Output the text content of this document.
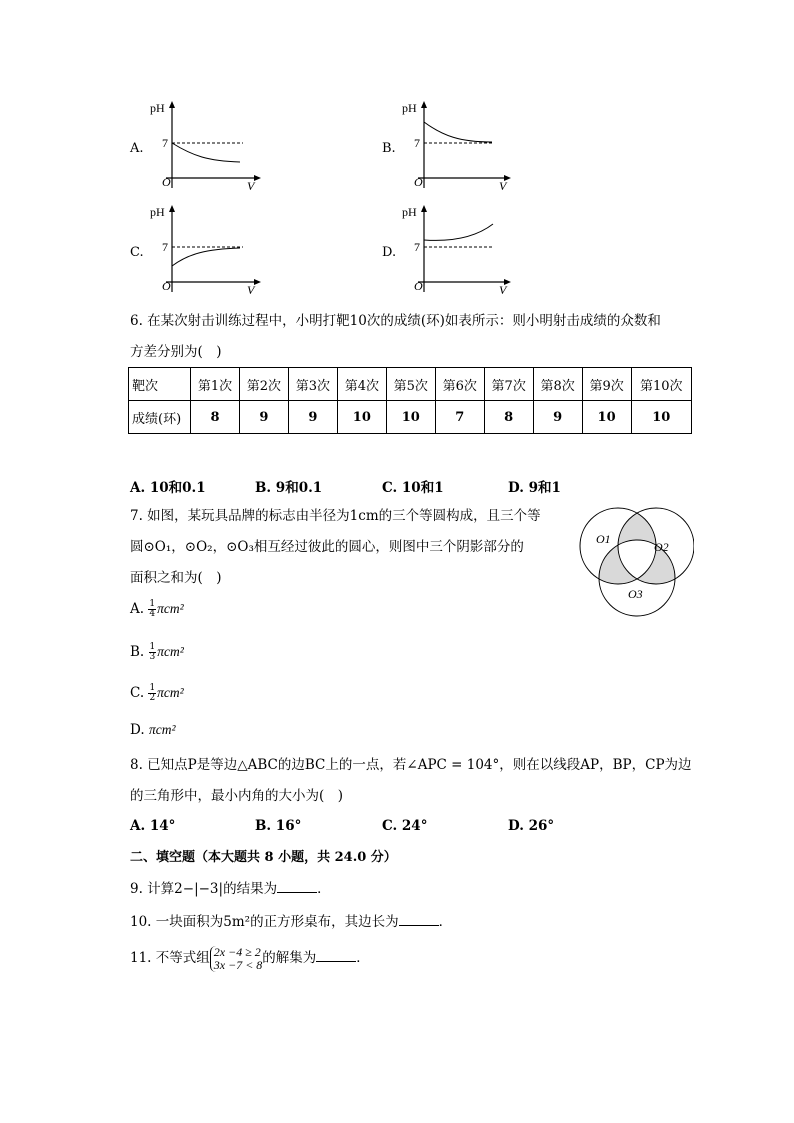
A.
pH
7
O	V
B.
pH
7
O	V
C.
pH
7
O	V
D.
pH
7
O	V
6. 在某次射击训练过程中，小明打靶10次的成绩(环)如表所示：则小明射击成绩的众数和
方差分别为(　)
靶次	第1次	第2次	第3次	第4次	第5次	第6次	第7次	第8次	第9次	第10次
成绩(环)	8	9	9	10	10	7	8	9	10	10
A. 10和0.1	B. 9和0.1	C. 10和1	D. 9和1
7. 如图，某玩具品牌的标志由半径为1cm的三个等圆构成，且三个等
圆⊙O₁，⊙O₂，⊙O₃相互经过彼此的圆心，则图中三个阴影部分的
面积之和为(　)
O1
O2
O3
A. $\frac{1}{4} \pi cm^2$
B. $\frac{1}{3} \pi cm^2$
C. $\frac{1}{2} \pi cm^2$
D. πcm²
8. 已知点P是等边△ABC的边BC上的一点，若∠APC = 104°，则在以线段AP，BP，CP为边
的三角形中，最小内角的大小为(　)
A. 14°	B. 16°	C. 24°	D. 26°
二、填空题（本大题共 8 小题，共 24.0 分）
9. 计算2−|−3|的结果为	．
10. 一块面积为5m²的正方形桌布，其边长为	．
11. 不等式组 2x −4 ≥ 2
3x −7 < 8 的解集为	．
